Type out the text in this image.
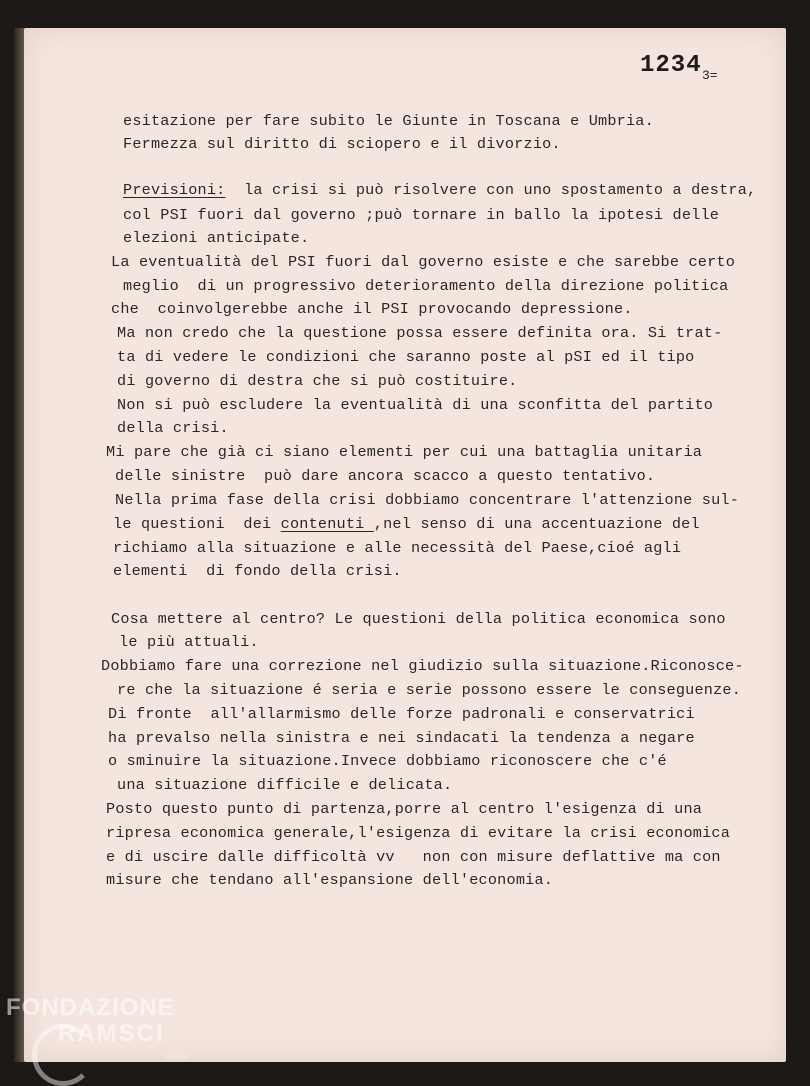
1234 3=
esitazione per fare subito le Giunte in Toscana e Umbria.
Fermezza sul diritto di sciopero e il divorzio.
Previsioni:  la crisi si può risolvere con uno spostamento a destra,
col PSI fuori dal governo ;può tornare in ballo la ipotesi delle
elezioni anticipate.
La eventualità del PSI fuori dal governo esiste e che sarebbe certo
meglio  di un progressivo deterioramento della direzione politica
che  coinvolgerebbe anche il PSI provocando depressione.
Ma non credo che la questione possa essere definita ora. Si trat-
ta di vedere le condizioni che saranno poste al pSI ed il tipo
di governo di destra che si può costituire.
Non si può escludere la eventualità di una sconfitta del partito
della crisi.
Mi pare che già ci siano elementi per cui una battaglia unitaria
delle sinistre  può dare ancora scacco a questo tentativo.
Nella prima fase della crisi dobbiamo concentrare l'attenzione sul-
le questioni  dei contenuti ,nel senso di una accentuazione del
richiamo alla situazione e alle necessità del Paese,cioé agli
elementi  di fondo della crisi.
Cosa mettere al centro? Le questioni della politica economica sono
le più attuali.
Dobbiamo fare una correzione nel giudizio sulla situazione.Riconosce-
re che la situazione é seria e serie possono essere le conseguenze.
Di fronte  all'allarmismo delle forze padronali e conservatrici
ha prevalso nella sinistra e nei sindacati la tendenza a negare
o sminuire la situazione.Invece dobbiamo riconoscere che c'é
una situazione difficile e delicata.
Posto questo punto di partenza,porre al centro l'esigenza di una
ripresa economica generale,l'esigenza di evitare la crisi economica
e di uscire dalle difficoltà vv   non con misure deflattive ma con
misure che tendano all'espansione dell'economia.
FONDAZIONE
RAMSCI
onlus
